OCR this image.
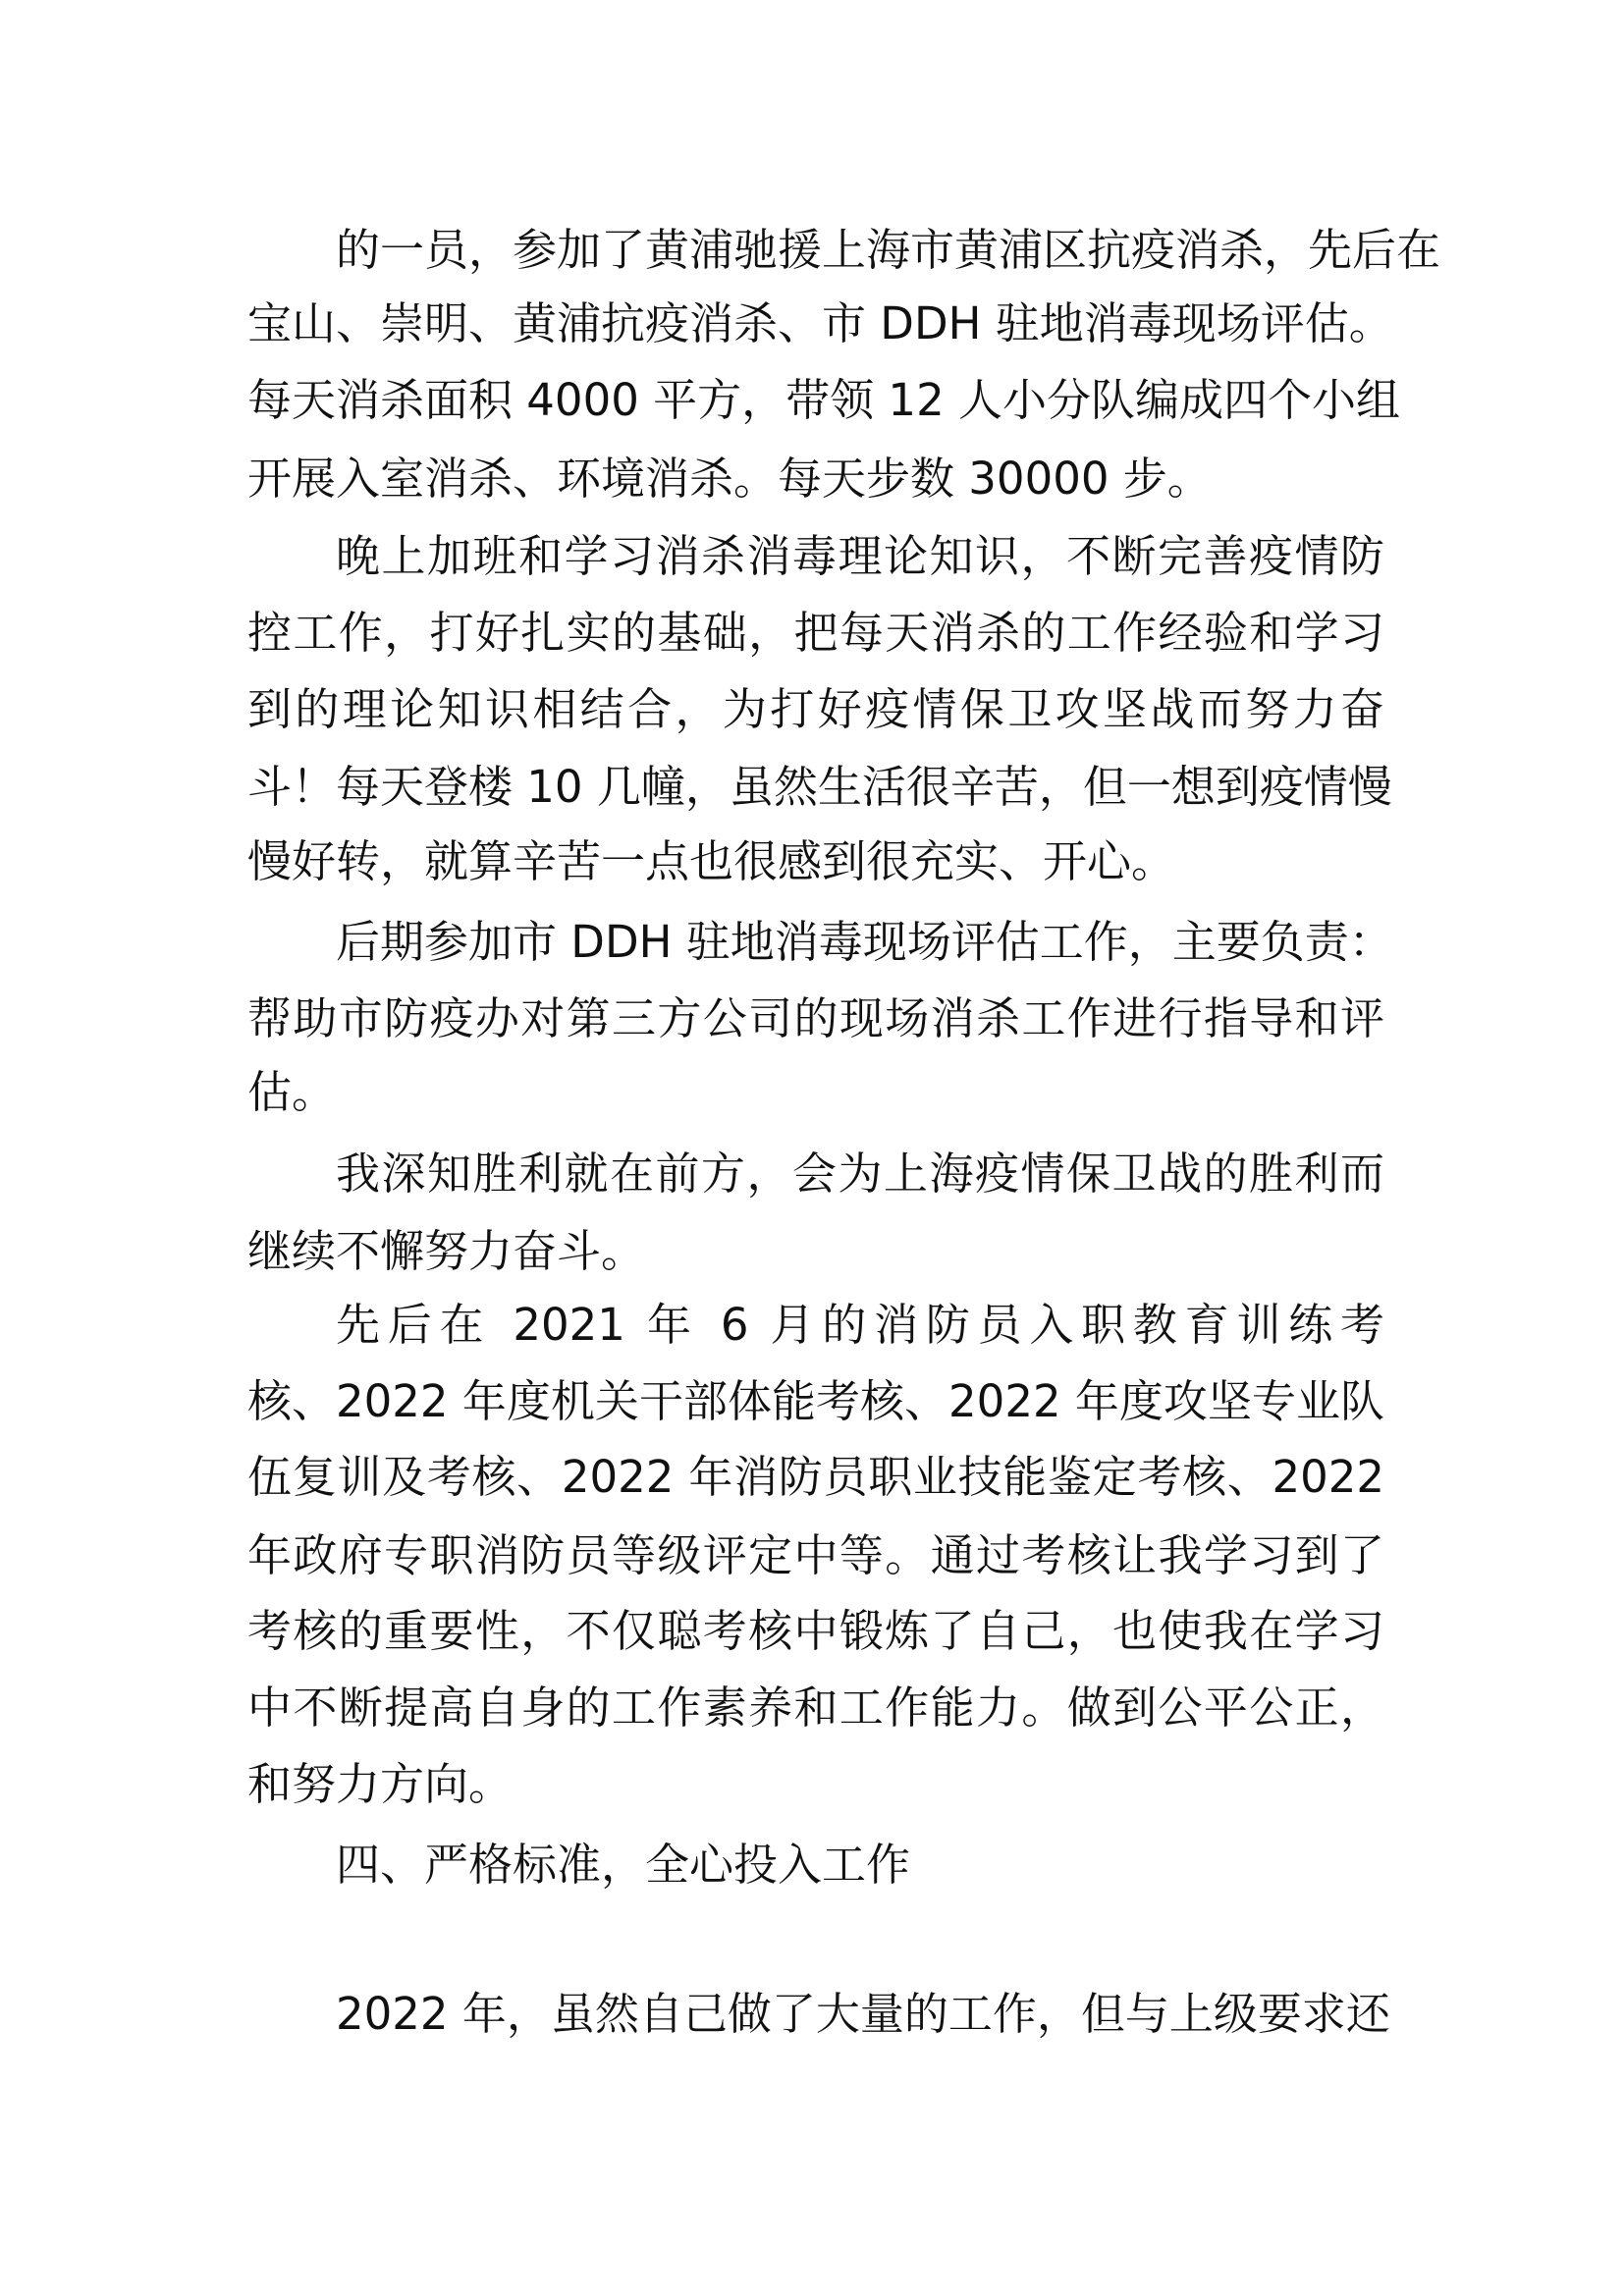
的一员，参加了黄浦驰援上海市黄浦区抗疫消杀，先后在
宝山、崇明、黄浦抗疫消杀、市 DDH 驻地消毒现场评估。
每天消杀面积 4000 平方，带领 12 人小分队编成四个小组
开展入室消杀、环境消杀。每天步数 30000 步。
晚上加班和学习消杀消毒理论知识，不断完善疫情防
控工作，打好扎实的基础，把每天消杀的工作经验和学习
到的理论知识相结合，为打好疫情保卫攻坚战而努力奋
斗！每天登楼 10 几幢，虽然生活很辛苦，但一想到疫情慢
慢好转，就算辛苦一点也很感到很充实、开心。
后期参加市 DDH 驻地消毒现场评估工作，主要负责：
帮助市防疫办对第三方公司的现场消杀工作进行指导和评
估。
我深知胜利就在前方，会为上海疫情保卫战的胜利而
继续不懈努力奋斗。
先后在 2021 年 6 月的消防员入职教育训练考
核、2022 年度机关干部体能考核、2022 年度攻坚专业队
伍复训及考核、2022 年消防员职业技能鉴定考核、2022
年政府专职消防员等级评定中等。通过考核让我学习到了
考核的重要性，不仅聪考核中锻炼了自己，也使我在学习
中不断提高自身的工作素养和工作能力。做到公平公正，
和努力方向。
四、严格标准，全心投入工作
2022 年，虽然自己做了大量的工作，但与上级要求还
